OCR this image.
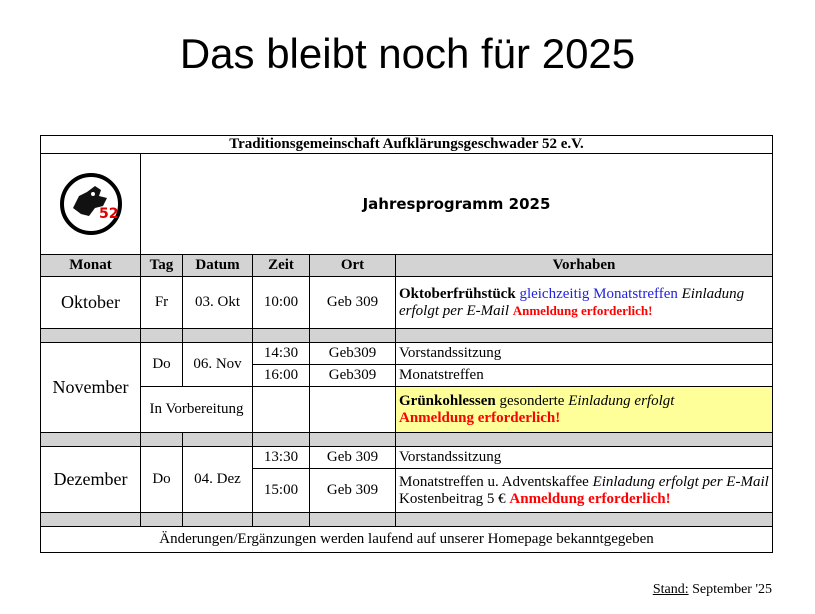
Das bleibt noch für 2025
Traditionsgemeinschaft Aufklärungsgeschwader 52 e.V.					

52	Jahresprogramm 2025				
Monat	Tag	Datum	Zeit	Ort	Vorhaben
Oktober	Fr	03. Okt	10:00	Geb 309	Oktoberfrühstück gleichzeitig Monatstreffen Einladung erfolgt per E-Mail Anmeldung erforderlich!

November	Do	06. Nov	14:30	Geb309	Vorstandssitzung
			16:00	Geb309	Monatstreffen
	In Vorbereitung				Grünkohlessen gesonderte Einladung erfolgt
Anmeldung erforderlich!

Dezember	Do	04. Dez	13:30	Geb 309	Vorstandssitzung
			15:00	Geb 309	Monatstreffen u. Adventskaffee Einladung erfolgt per E-Mail Kostenbeitrag 5 € Anmeldung erforderlich!

Änderungen/Ergänzungen werden laufend auf unserer Homepage bekanntgegeben					
Stand: September '25
